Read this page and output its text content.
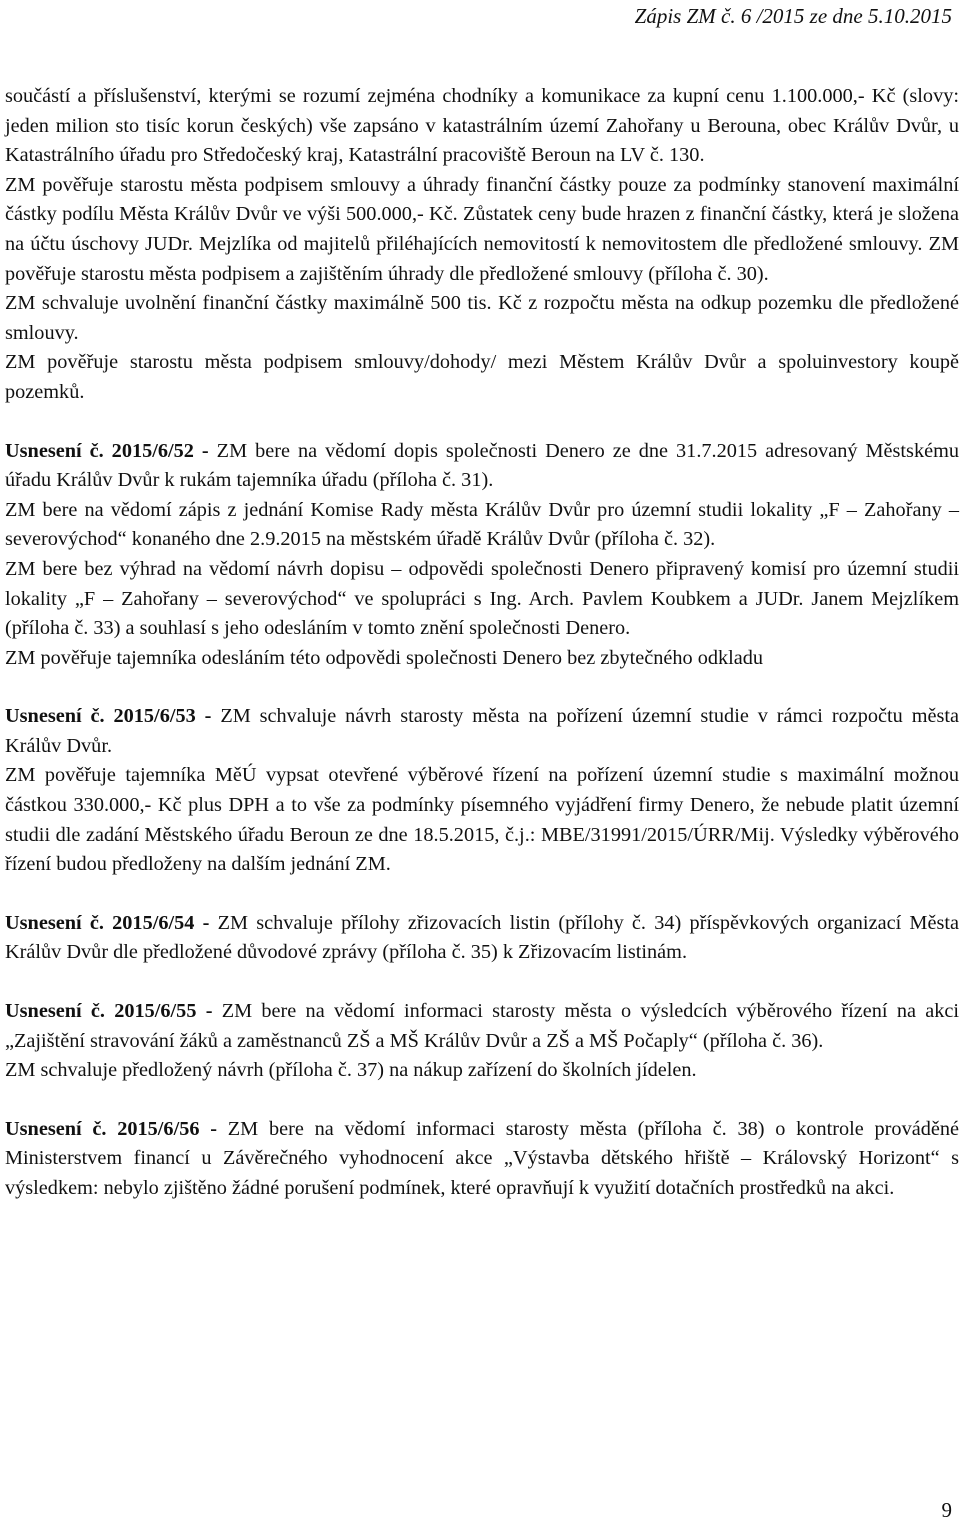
Zápis ZM č. 6 /2015 ze dne 5.10.2015

součástí a příslušenství, kterými se rozumí zejména chodníky a komunikace za kupní cenu 1.100.000,- Kč (slovy: jeden milion sto tisíc korun českých) vše zapsáno v katastrálním území Zahořany u Berouna, obec Králův Dvůr, u Katastrálního úřadu pro Středočeský kraj, Katastrální pracoviště Beroun na LV č. 130.

ZM pověřuje starostu města podpisem smlouvy a úhrady finanční částky pouze za podmínky stanovení maximální částky podílu Města Králův Dvůr ve výši 500.000,- Kč. Zůstatek ceny bude hrazen z finanční částky, která je složena na účtu úschovy JUDr. Mejzlíka od majitelů přiléhajících nemovitostí k nemovitostem dle předložené smlouvy. ZM pověřuje starostu města podpisem a zajištěním úhrady dle předložené smlouvy (příloha č. 30).

ZM schvaluje uvolnění finanční částky maximálně 500 tis. Kč z rozpočtu města na odkup pozemku dle předložené smlouvy.

ZM pověřuje starostu města podpisem smlouvy/dohody/ mezi Městem Králův Dvůr a spoluinvestory koupě pozemků.

Usnesení č. 2015/6/52 - ZM bere na vědomí dopis společnosti Denero ze dne 31.7.2015 adresovaný Městskému úřadu Králův Dvůr k rukám tajemníka úřadu (příloha č. 31).

ZM bere na vědomí zápis z jednání Komise Rady města Králův Dvůr pro územní studii lokality „F – Zahořany – severovýchod“ konaného dne 2.9.2015 na městském úřadě Králův Dvůr (příloha č. 32).

ZM bere bez výhrad na vědomí návrh dopisu – odpovědi společnosti Denero připravený komisí pro územní studii lokality „F – Zahořany – severovýchod“ ve spolupráci s Ing. Arch. Pavlem Koubkem a JUDr. Janem Mejzlíkem (příloha č. 33) a souhlasí s jeho odesláním v tomto znění společnosti Denero.

ZM pověřuje tajemníka odesláním této odpovědi společnosti Denero bez zbytečného odkladu

Usnesení č. 2015/6/53 - ZM schvaluje návrh starosty města na pořízení územní studie v rámci rozpočtu města Králův Dvůr.

ZM pověřuje tajemníka MěÚ vypsat otevřené výběrové řízení na pořízení územní studie s maximální možnou částkou 330.000,- Kč plus DPH a to vše za podmínky písemného vyjádření firmy Denero, že nebude platit územní studii dle zadání Městského úřadu Beroun ze dne 18.5.2015, č.j.: MBE/31991/2015/ÚRR/Mij. Výsledky výběrového řízení budou předloženy na dalším jednání ZM.

Usnesení č. 2015/6/54 - ZM schvaluje přílohy zřizovacích listin (přílohy č. 34) příspěvkových organizací Města Králův Dvůr dle předložené důvodové zprávy (příloha č. 35) k Zřizovacím listinám.

Usnesení č. 2015/6/55 - ZM bere na vědomí informaci starosty města o výsledcích výběrového řízení na akci „Zajištění stravování žáků a zaměstnanců ZŠ a MŠ Králův Dvůr a ZŠ a MŠ Počaply“ (příloha č. 36).

ZM schvaluje předložený návrh (příloha č. 37) na nákup zařízení do školních jídelen.

Usnesení č. 2015/6/56 - ZM bere na vědomí informaci starosty města (příloha č. 38) o kontrole prováděné Ministerstvem financí u Závěrečného vyhodnocení akce „Výstavba dětského hřiště – Královský Horizont“ s výsledkem: nebylo zjištěno žádné porušení podmínek, které opravňují k využití dotačních prostředků na akci.

9
